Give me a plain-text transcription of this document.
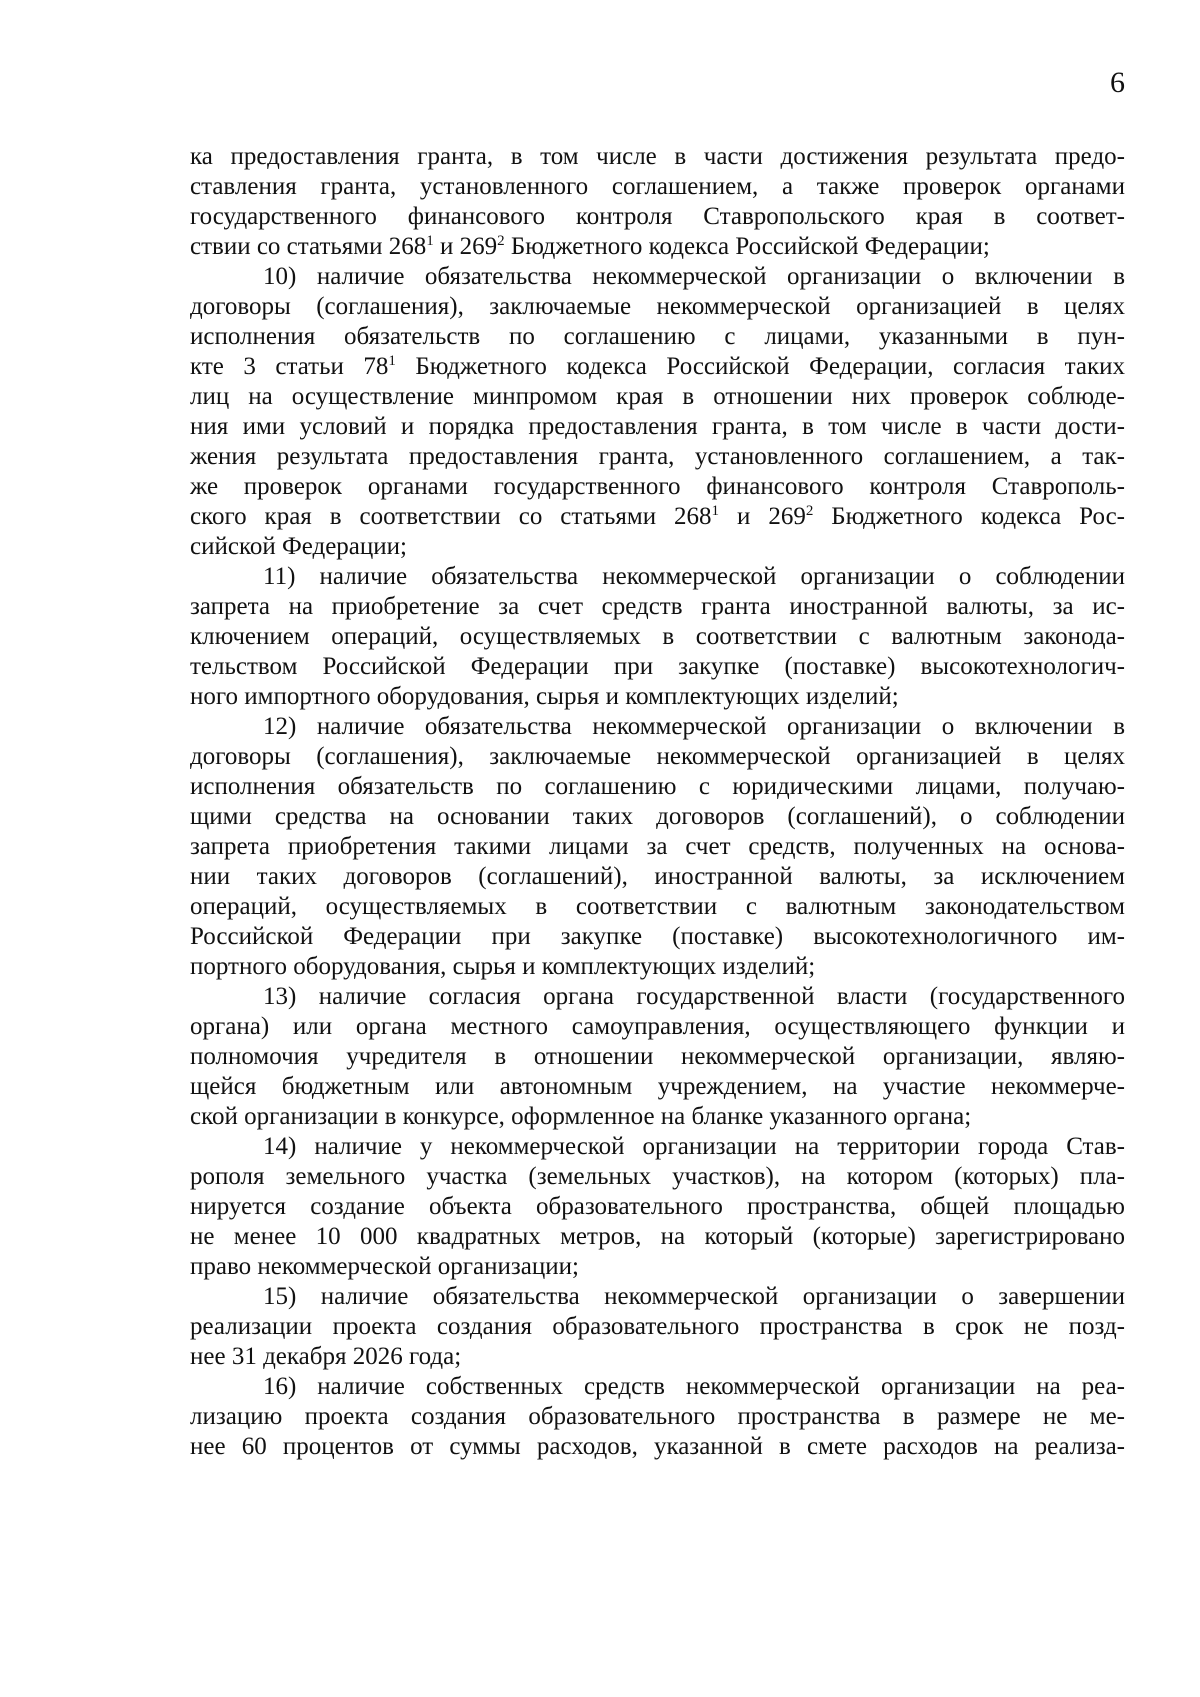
6
ка предоставления гранта, в том числе в части достижения результата предо-
ставления гранта, установленного соглашением, а также проверок органами
государственного финансового контроля Ставропольского края в соответ-
ствии со статьями $268^1$ и $269^2$ Бюджетного кодекса Российской Федерации;
10) наличие обязательства некоммерческой организации о включении в
договоры (соглашения), заключаемые некоммерческой организацией в целях
исполнения обязательств по соглашению с лицами, указанными в пун-
кте 3 статьи $78^1$ Бюджетного кодекса Российской Федерации, согласия таких
лиц на осуществление минпромом края в отношении них проверок соблюде-
ния ими условий и порядка предоставления гранта, в том числе в части дости-
жения результата предоставления гранта, установленного соглашением, а так-
же проверок органами государственного финансового контроля Ставрополь-
ского края в соответствии со статьями $268^1$ и $269^2$ Бюджетного кодекса Рос-
сийской Федерации;
11) наличие обязательства некоммерческой организации о соблюдении
запрета на приобретение за счет средств гранта иностранной валюты, за ис-
ключением операций, осуществляемых в соответствии с валютным законода-
тельством Российской Федерации при закупке (поставке) высокотехнологич-
ного импортного оборудования, сырья и комплектующих изделий;
12) наличие обязательства некоммерческой организации о включении в
договоры (соглашения), заключаемые некоммерческой организацией в целях
исполнения обязательств по соглашению с юридическими лицами, получаю-
щими средства на основании таких договоров (соглашений), о соблюдении
запрета приобретения такими лицами за счет средств, полученных на основа-
нии таких договоров (соглашений), иностранной валюты, за исключением
операций, осуществляемых в соответствии с валютным законодательством
Российской Федерации при закупке (поставке) высокотехнологичного им-
портного оборудования, сырья и комплектующих изделий;
13) наличие согласия органа государственной власти (государственного
органа) или органа местного самоуправления, осуществляющего функции и
полномочия учредителя в отношении некоммерческой организации, являю-
щейся бюджетным или автономным учреждением, на участие некоммерче-
ской организации в конкурсе, оформленное на бланке указанного органа;
14) наличие у некоммерческой организации на территории города Став-
рополя земельного участка (земельных участков), на котором (которых) пла-
нируется создание объекта образовательного пространства, общей площадью
не менее 10 000 квадратных метров, на который (которые) зарегистрировано
право некоммерческой организации;
15) наличие обязательства некоммерческой организации о завершении
реализации проекта создания образовательного пространства в срок не позд-
нее 31 декабря 2026 года;
16) наличие собственных средств некоммерческой организации на реа-
лизацию проекта создания образовательного пространства в размере не ме-
нее 60 процентов от суммы расходов, указанной в смете расходов на реализа-
